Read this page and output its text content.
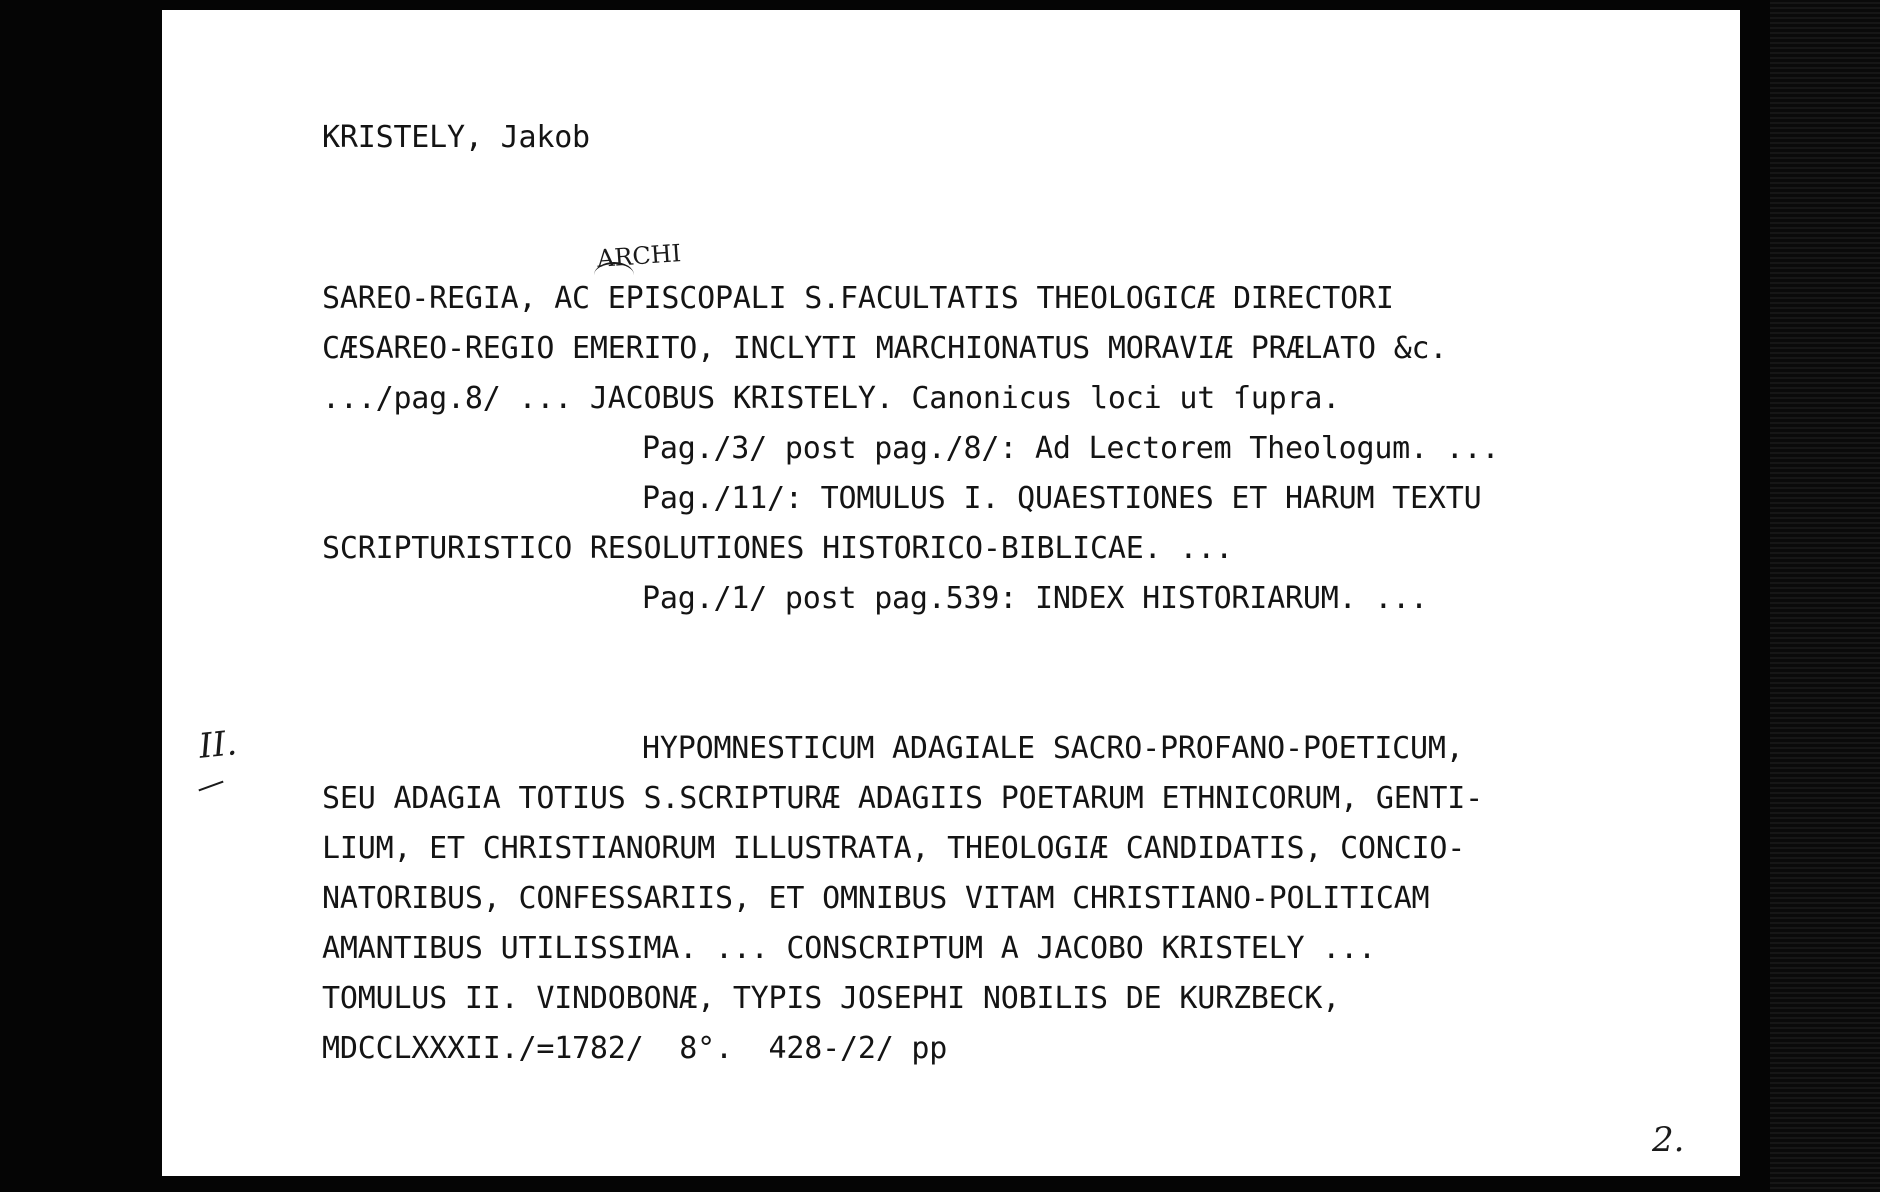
KRISTELY, Jakob
ARCHI
SAREO-REGIA, AC EPISCOPALI S.FACULTATIS THEOLOGICÆ DIRECTORI
CÆSAREO-REGIO EMERITO, INCLYTI MARCHIONATUS MORAVIÆ PRÆLATO &c.
.../pag.8/ ... JACOBUS KRISTELY. Canonicus loci ut ſupra.
Pag./3/ post pag./8/: Ad Lectorem Theologum. ...
Pag./11/: TOMULUS I. QUAESTIONES ET HARUM TEXTU
SCRIPTURISTICO RESOLUTIONES HISTORICO-BIBLICAE. ...
Pag./1/ post pag.539: INDEX HISTORIARUM. ...
HYPOMNESTICUM ADAGIALE SACRO-PROFANO-POETICUM,
SEU ADAGIA TOTIUS S.SCRIPTURÆ ADAGIIS POETARUM ETHNICORUM, GENTI-
LIUM, ET CHRISTIANORUM ILLUSTRATA, THEOLOGIÆ CANDIDATIS, CONCIO-
NATORIBUS, CONFESSARIIS, ET OMNIBUS VITAM CHRISTIANO-POLITICAM
AMANTIBUS UTILISSIMA. ... CONSCRIPTUM A JACOBO KRISTELY ...
TOMULUS II. VINDOBONÆ, TYPIS JOSEPHI NOBILIS DE KURZBECK,
MDCCLXXXII./=1782/  8°.  428-/2/ pp
II.
2.
